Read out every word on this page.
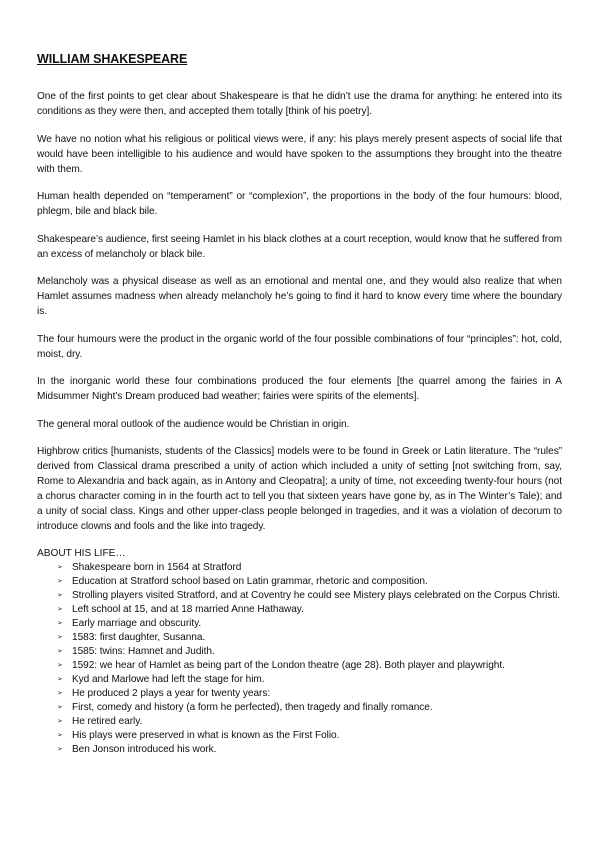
WILLIAM SHAKESPEARE

One of the first points to get clear about Shakespeare is that he didn’t use the drama for anything: he entered into its conditions as they were then, and accepted them totally [think of his poetry].

We have no notion what his religious or political views were, if any: his plays merely present aspects of social life that would have been intelligible to his audience and would have spoken to the assumptions they brought into the theatre with them.

Human health depended on “temperament” or “complexion”, the proportions in the body of the four humours: blood, phlegm, bile and black bile.

Shakespeare’s audience, first seeing Hamlet in his black clothes at a court reception, would know that he suffered from an excess of melancholy or black bile.

Melancholy was a physical disease as well as an emotional and mental one, and they would also realize that when Hamlet assumes madness when already melancholy he’s going to find it hard to know every time where the boundary is.

The four humours were the product in the organic world of the four possible combinations of four “principles”: hot, cold, moist, dry.

In the inorganic world these four combinations produced the four elements [the quarrel among the fairies in A Midsummer Night’s Dream produced bad weather; fairies were spirits of the elements].

The general moral outlook of the audience would be Christian in origin.

Highbrow critics [humanists, students of the Classics] models were to be found in Greek or Latin literature. The “rules” derived from Classical drama prescribed a unity of action which included a unity of setting [not switching from, say, Rome to Alexandria and back again, as in Antony and Cleopatra]; a unity of time, not exceeding twenty-four hours (not a chorus character coming in in the fourth act to tell you that sixteen years have gone by, as in The Winter’s Tale); and a unity of social class. Kings and other upper-class people belonged in tragedies, and it was a violation of decorum to introduce clowns and fools and the like into tragedy.

ABOUT HIS LIFE…
➢ Shakespeare born in 1564 at Stratford
➢ Education at Stratford school based on Latin grammar, rhetoric and composition.
➢ Strolling players visited Stratford, and at Coventry he could see Mistery plays celebrated on the Corpus Christi.
➢ Left school at 15, and at 18 married Anne Hathaway.
➢ Early marriage and obscurity.
➢ 1583: first daughter, Susanna.
➢ 1585: twins: Hamnet and Judith.
➢ 1592: we hear of Hamlet as being part of the London theatre (age 28). Both player and playwright.
➢ Kyd and Marlowe had left the stage for him.
➢ He produced 2 plays a year for twenty years:
➢ First, comedy and history (a form he perfected), then tragedy and finally romance.
➢ He retired early.
➢ His plays were preserved in what is known as the First Folio.
➢ Ben Jonson introduced his work.
